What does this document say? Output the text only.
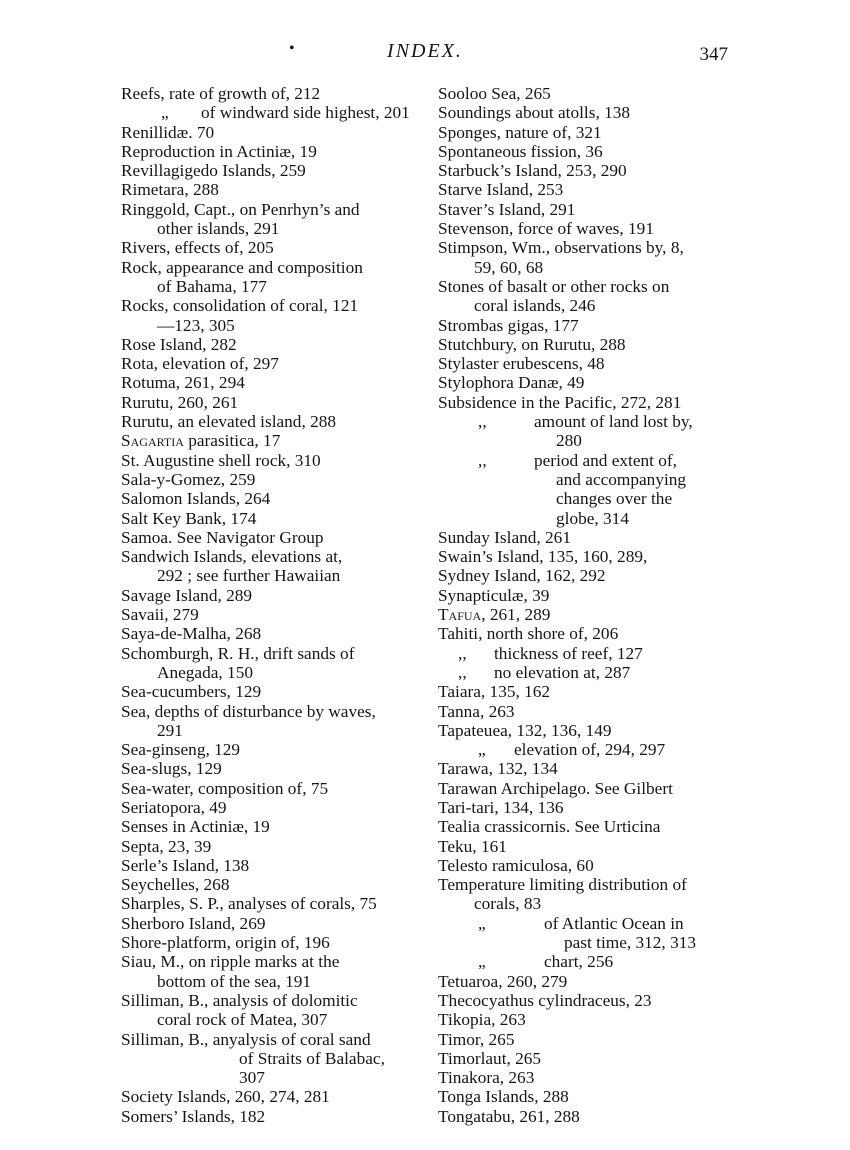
•	INDEX.	347
Reefs, rate of growth of, 212
„ of windward side highest, 201
Renillidæ. 70
Reproduction in Actiniæ, 19
Revillagigedo Islands, 259
Rimetara, 288
Ringgold, Capt., on Penrhyn’s and
other islands, 291
Rivers, effects of, 205
Rock, appearance and composition
of Bahama, 177
Rocks, consolidation of coral, 121
—123, 305
Rose Island, 282
Rota, elevation of, 297
Rotuma, 261, 294
Rurutu, 260, 261
Rurutu, an elevated island, 288
Sagartia parasitica, 17
St. Augustine shell rock, 310
Sala-y-Gomez, 259
Salomon Islands, 264
Salt Key Bank, 174
Samoa. See Navigator Group
Sandwich Islands, elevations at,
292 ; see further Hawaiian
Savage Island, 289
Savaii, 279
Saya-de-Malha, 268
Schomburgh, R. H., drift sands of
Anegada, 150
Sea-cucumbers, 129
Sea, depths of disturbance by waves,
291
Sea-ginseng, 129
Sea-slugs, 129
Sea-water, composition of, 75
Seriatopora, 49
Senses in Actiniæ, 19
Septa, 23, 39
Serle’s Island, 138
Seychelles, 268
Sharples, S. P., analyses of corals, 75
Sherboro Island, 269
Shore-platform, origin of, 196
Siau, M., on ripple marks at the
bottom of the sea, 191
Silliman, B., analysis of dolomitic
coral rock of Matea, 307
Silliman, B., anyalysis of coral sand
of Straits of Balabac,
307
Society Islands, 260, 274, 281
Somers’ Islands, 182
Sooloo Sea, 265
Soundings about atolls, 138
Sponges, nature of, 321
Spontaneous fission, 36
Starbuck’s Island, 253, 290
Starve Island, 253
Staver’s Island, 291
Stevenson, force of waves, 191
Stimpson, Wm., observations by, 8,
59, 60, 68
Stones of basalt or other rocks on
coral islands, 246
Strombas gigas, 177
Stutchbury, on Rurutu, 288
Stylaster erubescens, 48
Stylophora Danæ, 49
Subsidence in the Pacific, 272, 281
,,	amount of land lost by,
280
,,	period and extent of,
and accompanying
changes over the
globe, 314
Sunday Island, 261
Swain’s Island, 135, 160, 289,
Sydney Island, 162, 292
Synapticulæ, 39
Tafua, 261, 289
Tahiti, north shore of, 206
,, thickness of reef, 127
,, no elevation at, 287
Taiara, 135, 162
Tanna, 263
Tapateuea, 132, 136, 149
„ elevation of, 294, 297
Tarawa, 132, 134
Tarawan Archipelago. See Gilbert
Tari-tari, 134, 136
Tealia crassicornis. See Urticina
Teku, 161
Telesto ramiculosa, 60
Temperature limiting distribution of
corals, 83
„	of Atlantic Ocean in
past time, 312, 313
„	chart, 256
Tetuaroa, 260, 279
Thecocyathus cylindraceus, 23
Tikopia, 263
Timor, 265
Timorlaut, 265
Tinakora, 263
Tonga Islands, 288
Tongatabu, 261, 288
